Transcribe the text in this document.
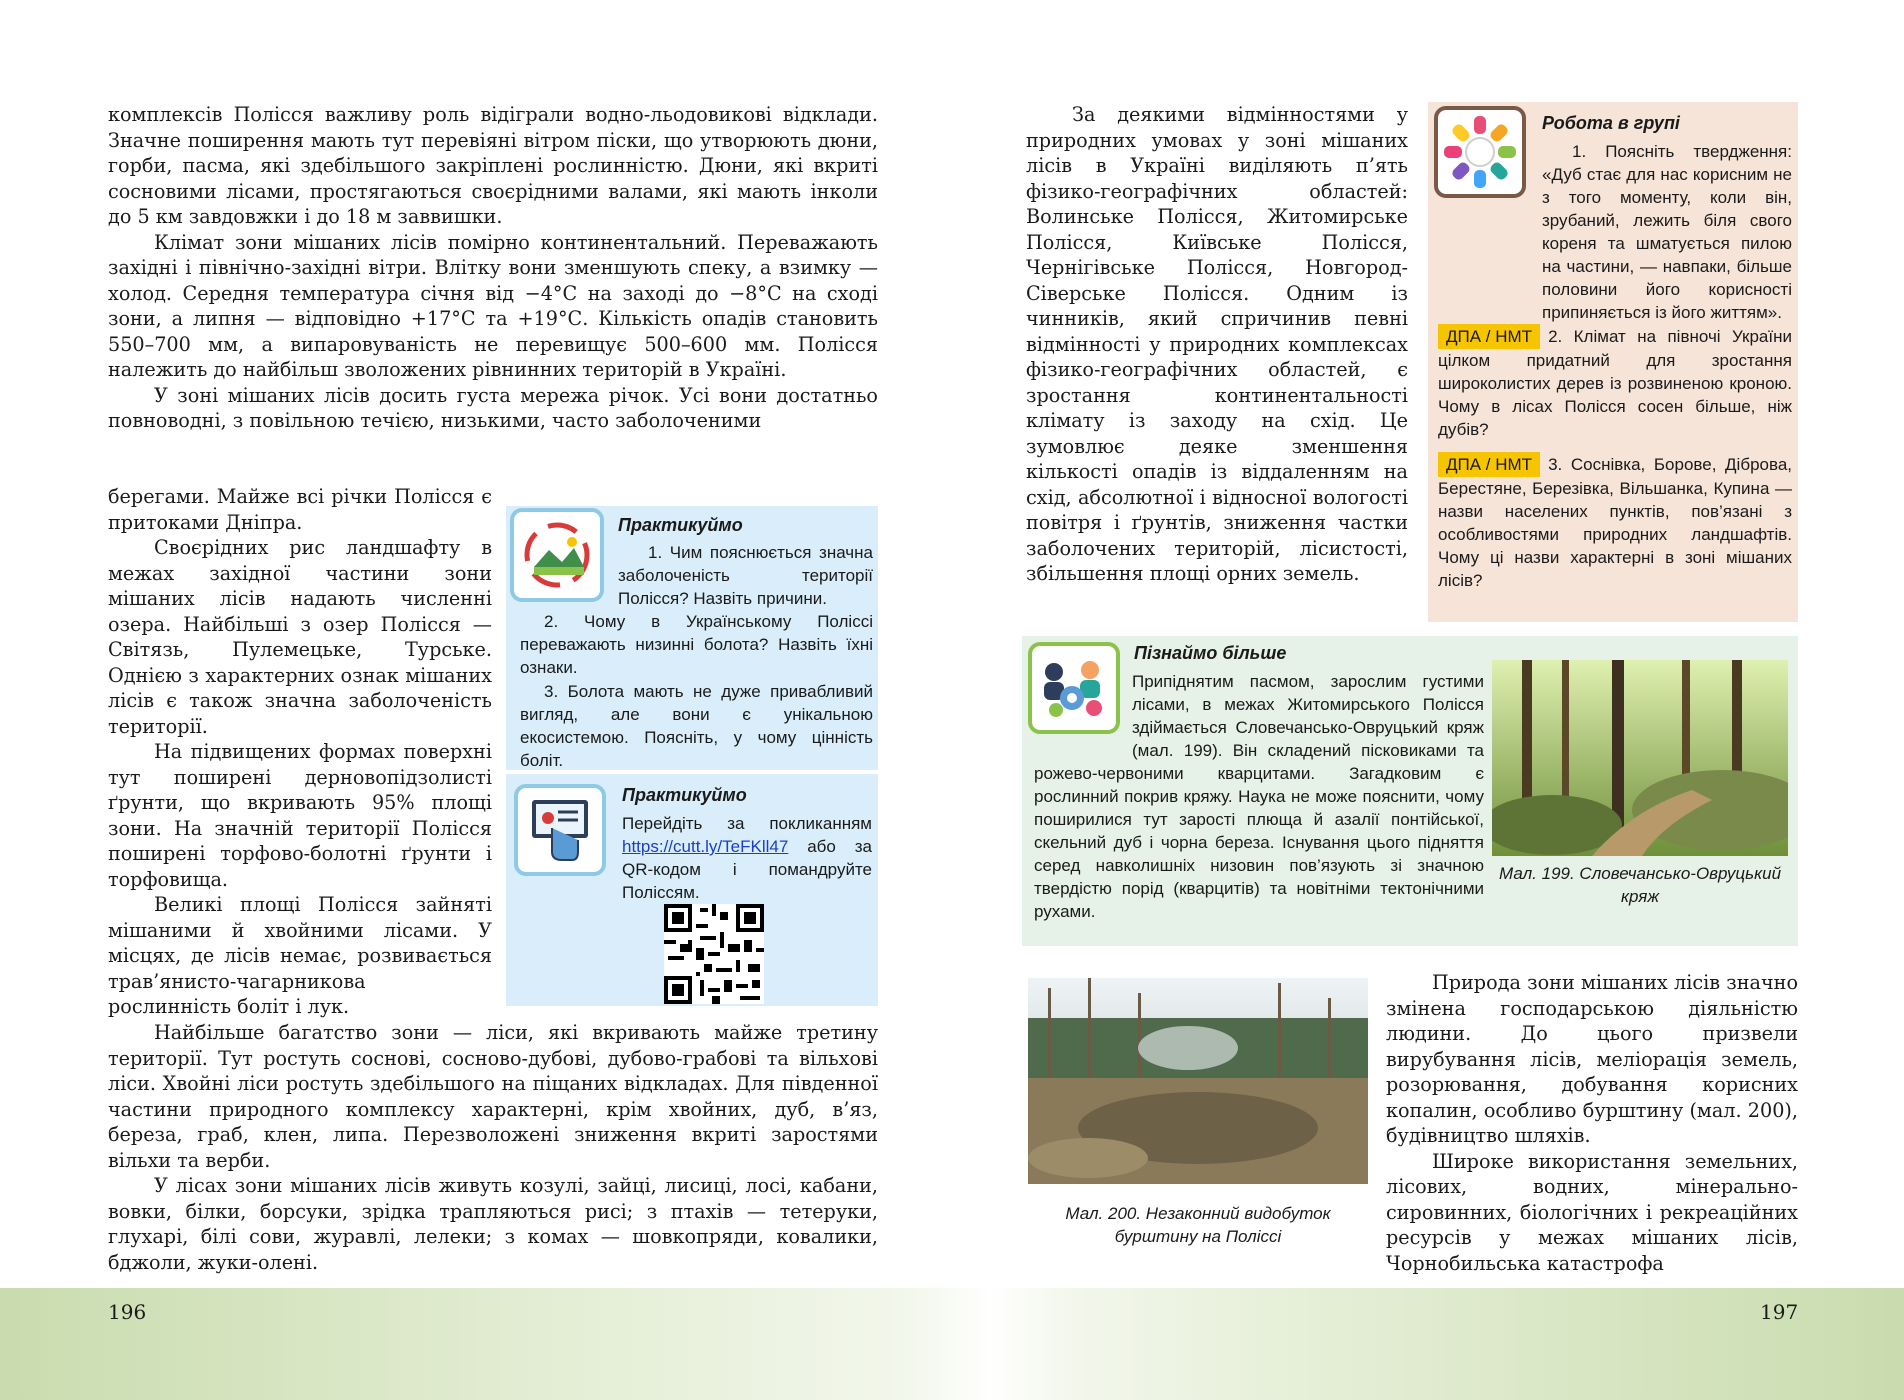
196	197

комплексів Полісся важливу роль відіграли водно-льодовикові відклади. Значне поширення мають тут перевіяні вітром піски, що утворюють дюни, горби, пасма, які здебільшого закріплені рослинністю. Дюни, які вкриті сосновими лісами, простягаються своєрідними валами, які мають інколи до 5 км завдовжки і до 18 м заввишки.

Клімат зони мішаних лісів помірно континентальний. Переважають західні і північно-західні вітри. Влітку вони зменшують спеку, а взимку — холод. Середня температура січня від −4°С на заході до −8°С на сході зони, а липня — відповідно +17°С та +19°С. Кількість опадів становить 550–700 мм, а випаровуваність не перевищує 500–600 мм. Полісся належить до найбільш зволожених рівнинних територій в Україні.

У зоні мішаних лісів досить густа мережа річок. Усі вони достатньо повноводні, з повільною течією, низькими, часто заболоченими

берегами. Майже всі річки Полісся є притоками Дніпра.

Своєрідних рис ландшафту в межах західної частини зони мішаних лісів надають численні озера. Найбільші з озер Полісся — Світязь, Пулемецьке, Турське. Однією з характерних ознак мішаних лісів є також значна заболоченість території.

На підвищених формах поверхні тут поширені дерновопідзолисті ґрунти, що вкривають 95% площі зони. На значній території Полісся поширені торфово-болотні ґрунти і торфовища.

Великі площі Полісся зайняті мішаними й хвойними лісами. У місцях, де лісів немає, розвивається трав’янисто-чагарникова рослинність боліт і лук.

Практикуймо

1. Чим пояснюється значна заболоченість території Полісся? Назвіть причини.

2. Чому в Українському Поліссі переважають низинні болота? Назвіть їхні ознаки.

3. Болота мають не дуже привабливий вигляд, але вони є унікальною екосистемою. Поясніть, у чому цінність боліт.

Практикуймо

Перейдіть за покликанням https://cutt.ly/TeFKll47 або за QR-кодом і помандруйте Поліссям.

Найбільше багатство зони — ліси, які вкривають майже третину території. Тут ростуть соснові, сосново-дубові, дубово-грабові та вільхові ліси. Хвойні ліси ростуть здебільшого на піщаних відкладах. Для південної частини природного комплексу характерні, крім хвойних, дуб, в’яз, береза, граб, клен, липа. Перезволожені зниження вкриті заростями вільхи та верби.

У лісах зони мішаних лісів живуть козулі, зайці, лисиці, лосі, кабани, вовки, білки, борсуки, зрідка трапляються рисі; з птахів — тетеруки, глухарі, білі сови, журавлі, лелеки; з комах — шовкопряди, ковалики, бджоли, жуки-олені.

За деякими відмінностями у природних умовах у зоні мішаних лісів в Україні виділяють п’ять фізико-географічних областей: Волинське Полісся, Житомирське Полісся, Київське Полісся, Чернігівське Полісся, Новгород-Сіверське Полісся. Одним із чинників, який спричинив певні відмінності у природних комплексах фізико-географічних областей, є зростання континентальності клімату із заходу на схід. Це зумовлює деяке зменшення кількості опадів із віддаленням на схід, абсолютної і відносної вологості повітря і ґрунтів, зниження частки заболочених територій, лісистості, збільшення площі орних земель.

Робота в групі

1. Поясніть твердження: «Дуб стає для нас корисним не з того моменту, коли він, зрубаний, лежить біля свого кореня та шматується пилою на частини, — навпаки, більше половини його корисності припиняється із його життям».

ДПА / НМТ 2. Клімат на півночі України цілком придатний для зростання широколистих дерев із розвиненою кроною. Чому в лісах Полісся сосен більше, ніж дубів?

ДПА / НМТ 3. Соснівка, Борове, Діброва, Берестяне, Березівка, Вільшанка, Купина — назви населених пунктів, пов’язані з особливостями природних ландшафтів. Чому ці назви характерні в зоні мішаних лісів?

Пізнаймо більше

Припіднятим пасмом, зарослим густими лісами, в межах Житомирського Полісся здіймається Словечансько-Овруцький кряж (мал. 199). Він складений пісковиками та рожево-червоними кварцитами. Загадковим є рослинний покрив кряжу. Наука не може пояснити, чому поширилися тут зарості плюща й азалії понтійської, скельний дуб і чорна береза. Існування цього підняття серед навколишніх низовин пов’язують зі значною твердістю порід (кварцитів) та новітніми тектонічними рухами.

Мал. 199. Словечансько-Овруцький кряж
Мал. 200. Незаконний видобуток бурштину на Поліссі

Природа зони мішаних лісів значно змінена господарською діяльністю людини. До цього призвели вирубування лісів, меліорація земель, розорювання, добування корисних копалин, особливо бурштину (мал. 200), будівництво шляхів.

Широке використання земельних, лісових, водних, мінерально-сировинних, біологічних і рекреаційних ресурсів у межах мішаних лісів, Чорнобильська катастрофа
